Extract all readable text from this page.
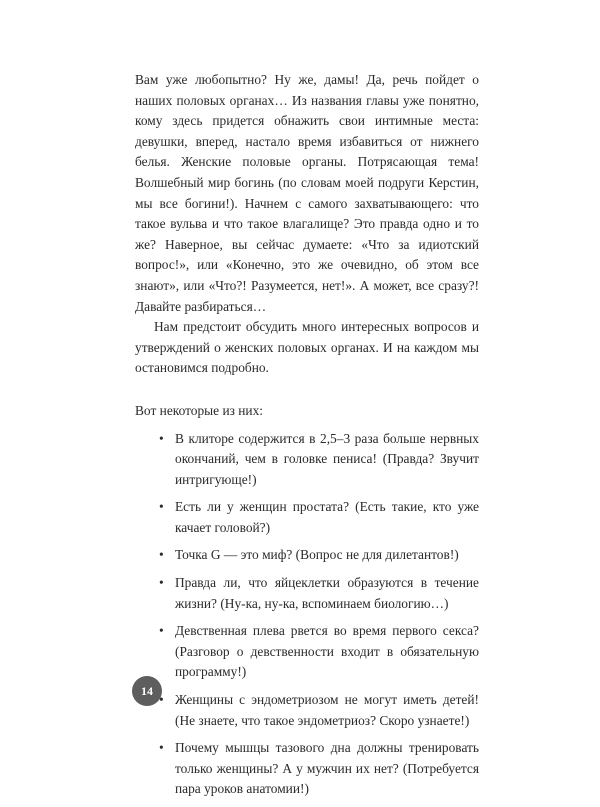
Вам уже любопытно? Ну же, дамы! Да, речь пойдет о наших половых органах… Из названия главы уже понятно, кому здесь придется обнажить свои интимные места: девушки, вперед, настало время избавиться от нижнего белья. Женские половые органы. Потрясающая тема! Волшебный мир богинь (по словам моей подруги Керстин, мы все богини!). Начнем с самого захватывающего: что такое вульва и что такое влагалище? Это правда одно и то же? Наверное, вы сейчас думаете: «Что за идиотский вопрос!», или «Конечно, это же очевидно, об этом все знают», или «Что?! Разумеется, нет!». А может, все сразу?! Давайте разбираться…

Нам предстоит обсудить много интересных вопросов и утверждений о женских половых органах. И на каждом мы остановимся подробно.

Вот некоторые из них:
• В клиторе содержится в 2,5–3 раза больше нервных окончаний, чем в головке пениса! (Правда? Звучит интригующе!)
• Есть ли у женщин простата? (Есть такие, кто уже качает головой?)
• Точка G — это миф? (Вопрос не для дилетантов!)
• Правда ли, что яйцеклетки образуются в течение жизни? (Ну-ка, ну-ка, вспоминаем биологию…)
• Девственная плева рвется во время первого секса? (Разговор о девственности входит в обязательную программу!)
• Женщины с эндометриозом не могут иметь детей! (Не знаете, что такое эндометриоз? Скоро узнаете!)
• Почему мышцы тазового дна должны тренировать только женщины? А у мужчин их нет? (Потребуется пара уроков анатомии!)
14
